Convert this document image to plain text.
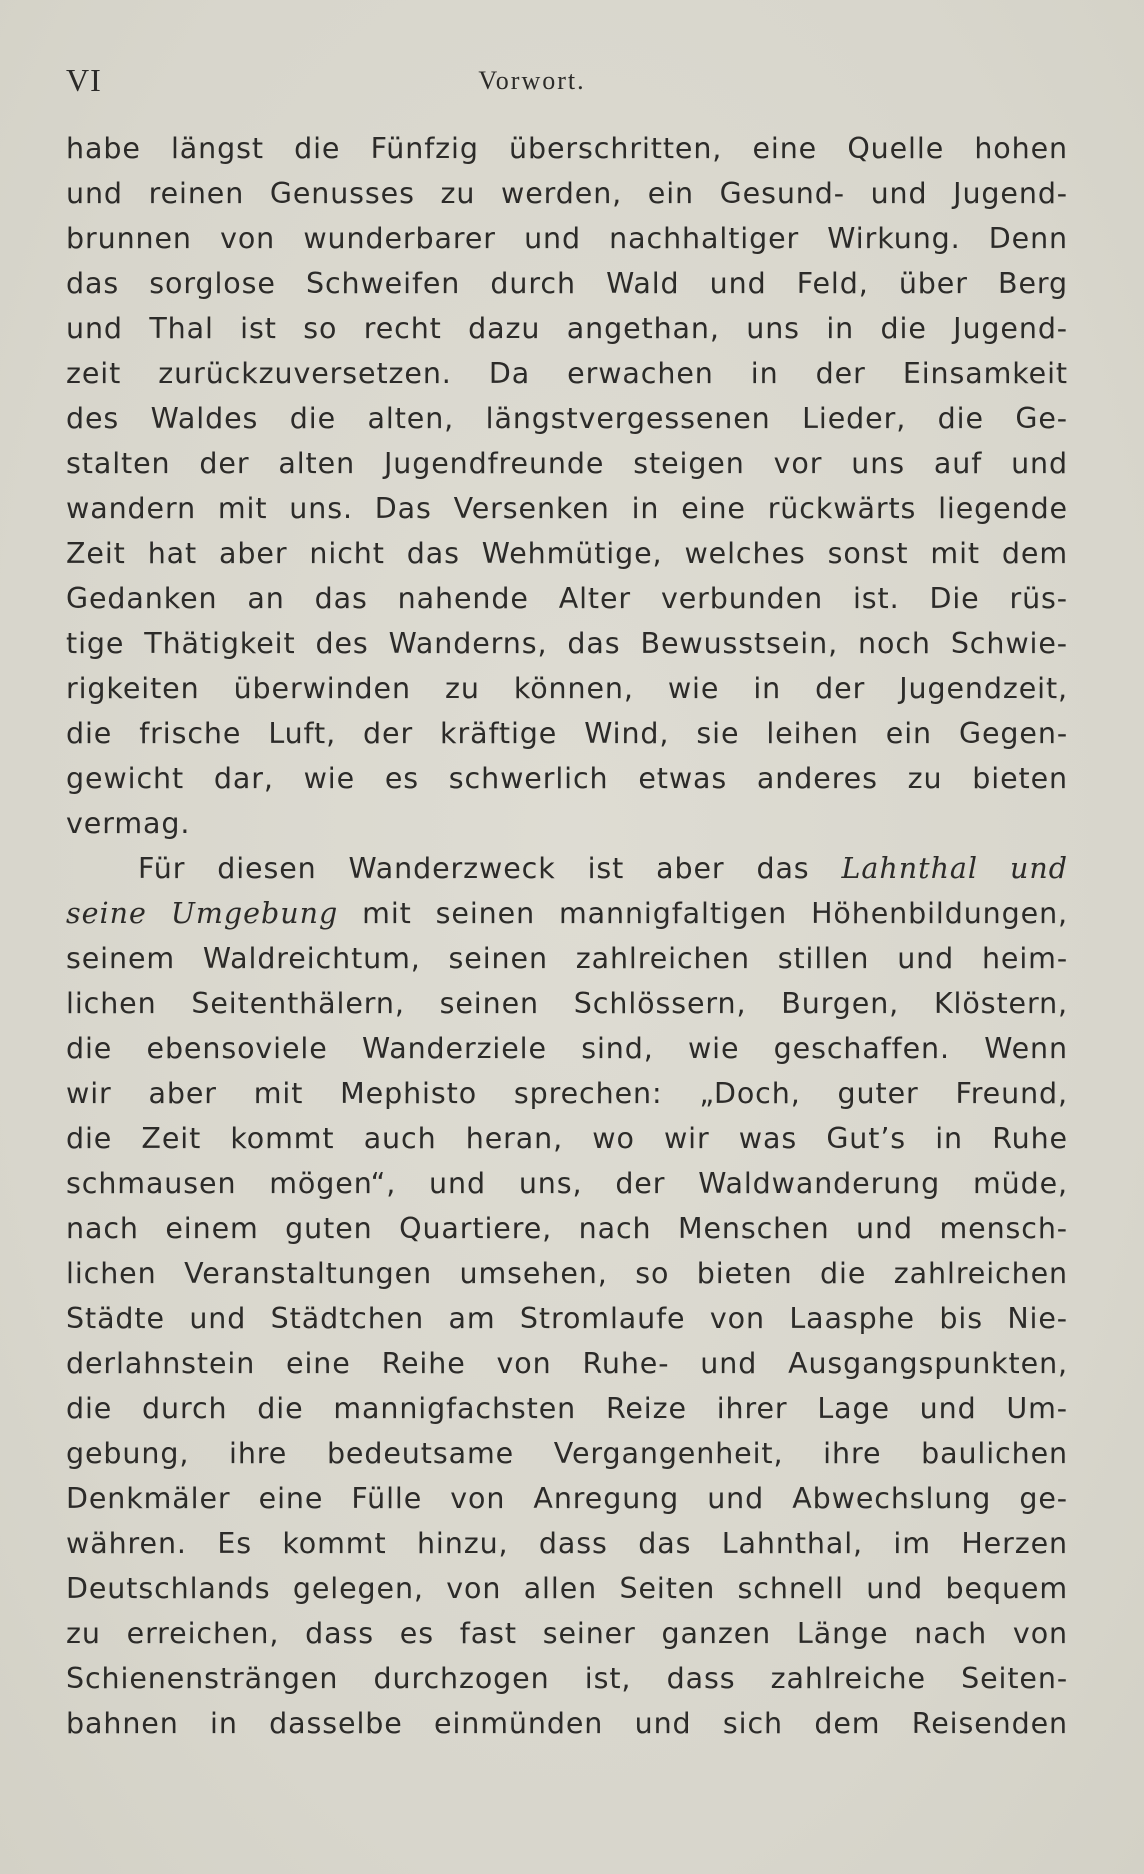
VI	Vorwort.
habe längst die Fünfzig überschritten, eine Quelle hohen
und reinen Genusses zu werden, ein Gesund- und Jugend-
brunnen von wunderbarer und nachhaltiger Wirkung. Denn
das sorglose Schweifen durch Wald und Feld, über Berg
und Thal ist so recht dazu angethan, uns in die Jugend-
zeit zurückzuversetzen. Da erwachen in der Einsamkeit
des Waldes die alten, längstvergessenen Lieder, die Ge-
stalten der alten Jugendfreunde steigen vor uns auf und
wandern mit uns. Das Versenken in eine rückwärts liegende
Zeit hat aber nicht das Wehmütige, welches sonst mit dem
Gedanken an das nahende Alter verbunden ist. Die rüs-
tige Thätigkeit des Wanderns, das Bewusstsein, noch Schwie-
rigkeiten überwinden zu können, wie in der Jugendzeit,
die frische Luft, der kräftige Wind, sie leihen ein Gegen-
gewicht dar, wie es schwerlich etwas anderes zu bieten
vermag.
Für diesen Wanderzweck ist aber das Lahnthal und
seine Umgebung mit seinen mannigfaltigen Höhenbildungen,
seinem Waldreichtum, seinen zahlreichen stillen und heim-
lichen Seitenthälern, seinen Schlössern, Burgen, Klöstern,
die ebensoviele Wanderziele sind, wie geschaffen. Wenn
wir aber mit Mephisto sprechen: „Doch, guter Freund,
die Zeit kommt auch heran, wo wir was Gut’s in Ruhe
schmausen mögen“, und uns, der Waldwanderung müde,
nach einem guten Quartiere, nach Menschen und mensch-
lichen Veranstaltungen umsehen, so bieten die zahlreichen
Städte und Städtchen am Stromlaufe von Laasphe bis Nie-
derlahnstein eine Reihe von Ruhe- und Ausgangspunkten,
die durch die mannigfachsten Reize ihrer Lage und Um-
gebung, ihre bedeutsame Vergangenheit, ihre baulichen
Denkmäler eine Fülle von Anregung und Abwechslung ge-
währen. Es kommt hinzu, dass das Lahnthal, im Herzen
Deutschlands gelegen, von allen Seiten schnell und bequem
zu erreichen, dass es fast seiner ganzen Länge nach von
Schienensträngen durchzogen ist, dass zahlreiche Seiten-
bahnen in dasselbe einmünden und sich dem Reisenden
